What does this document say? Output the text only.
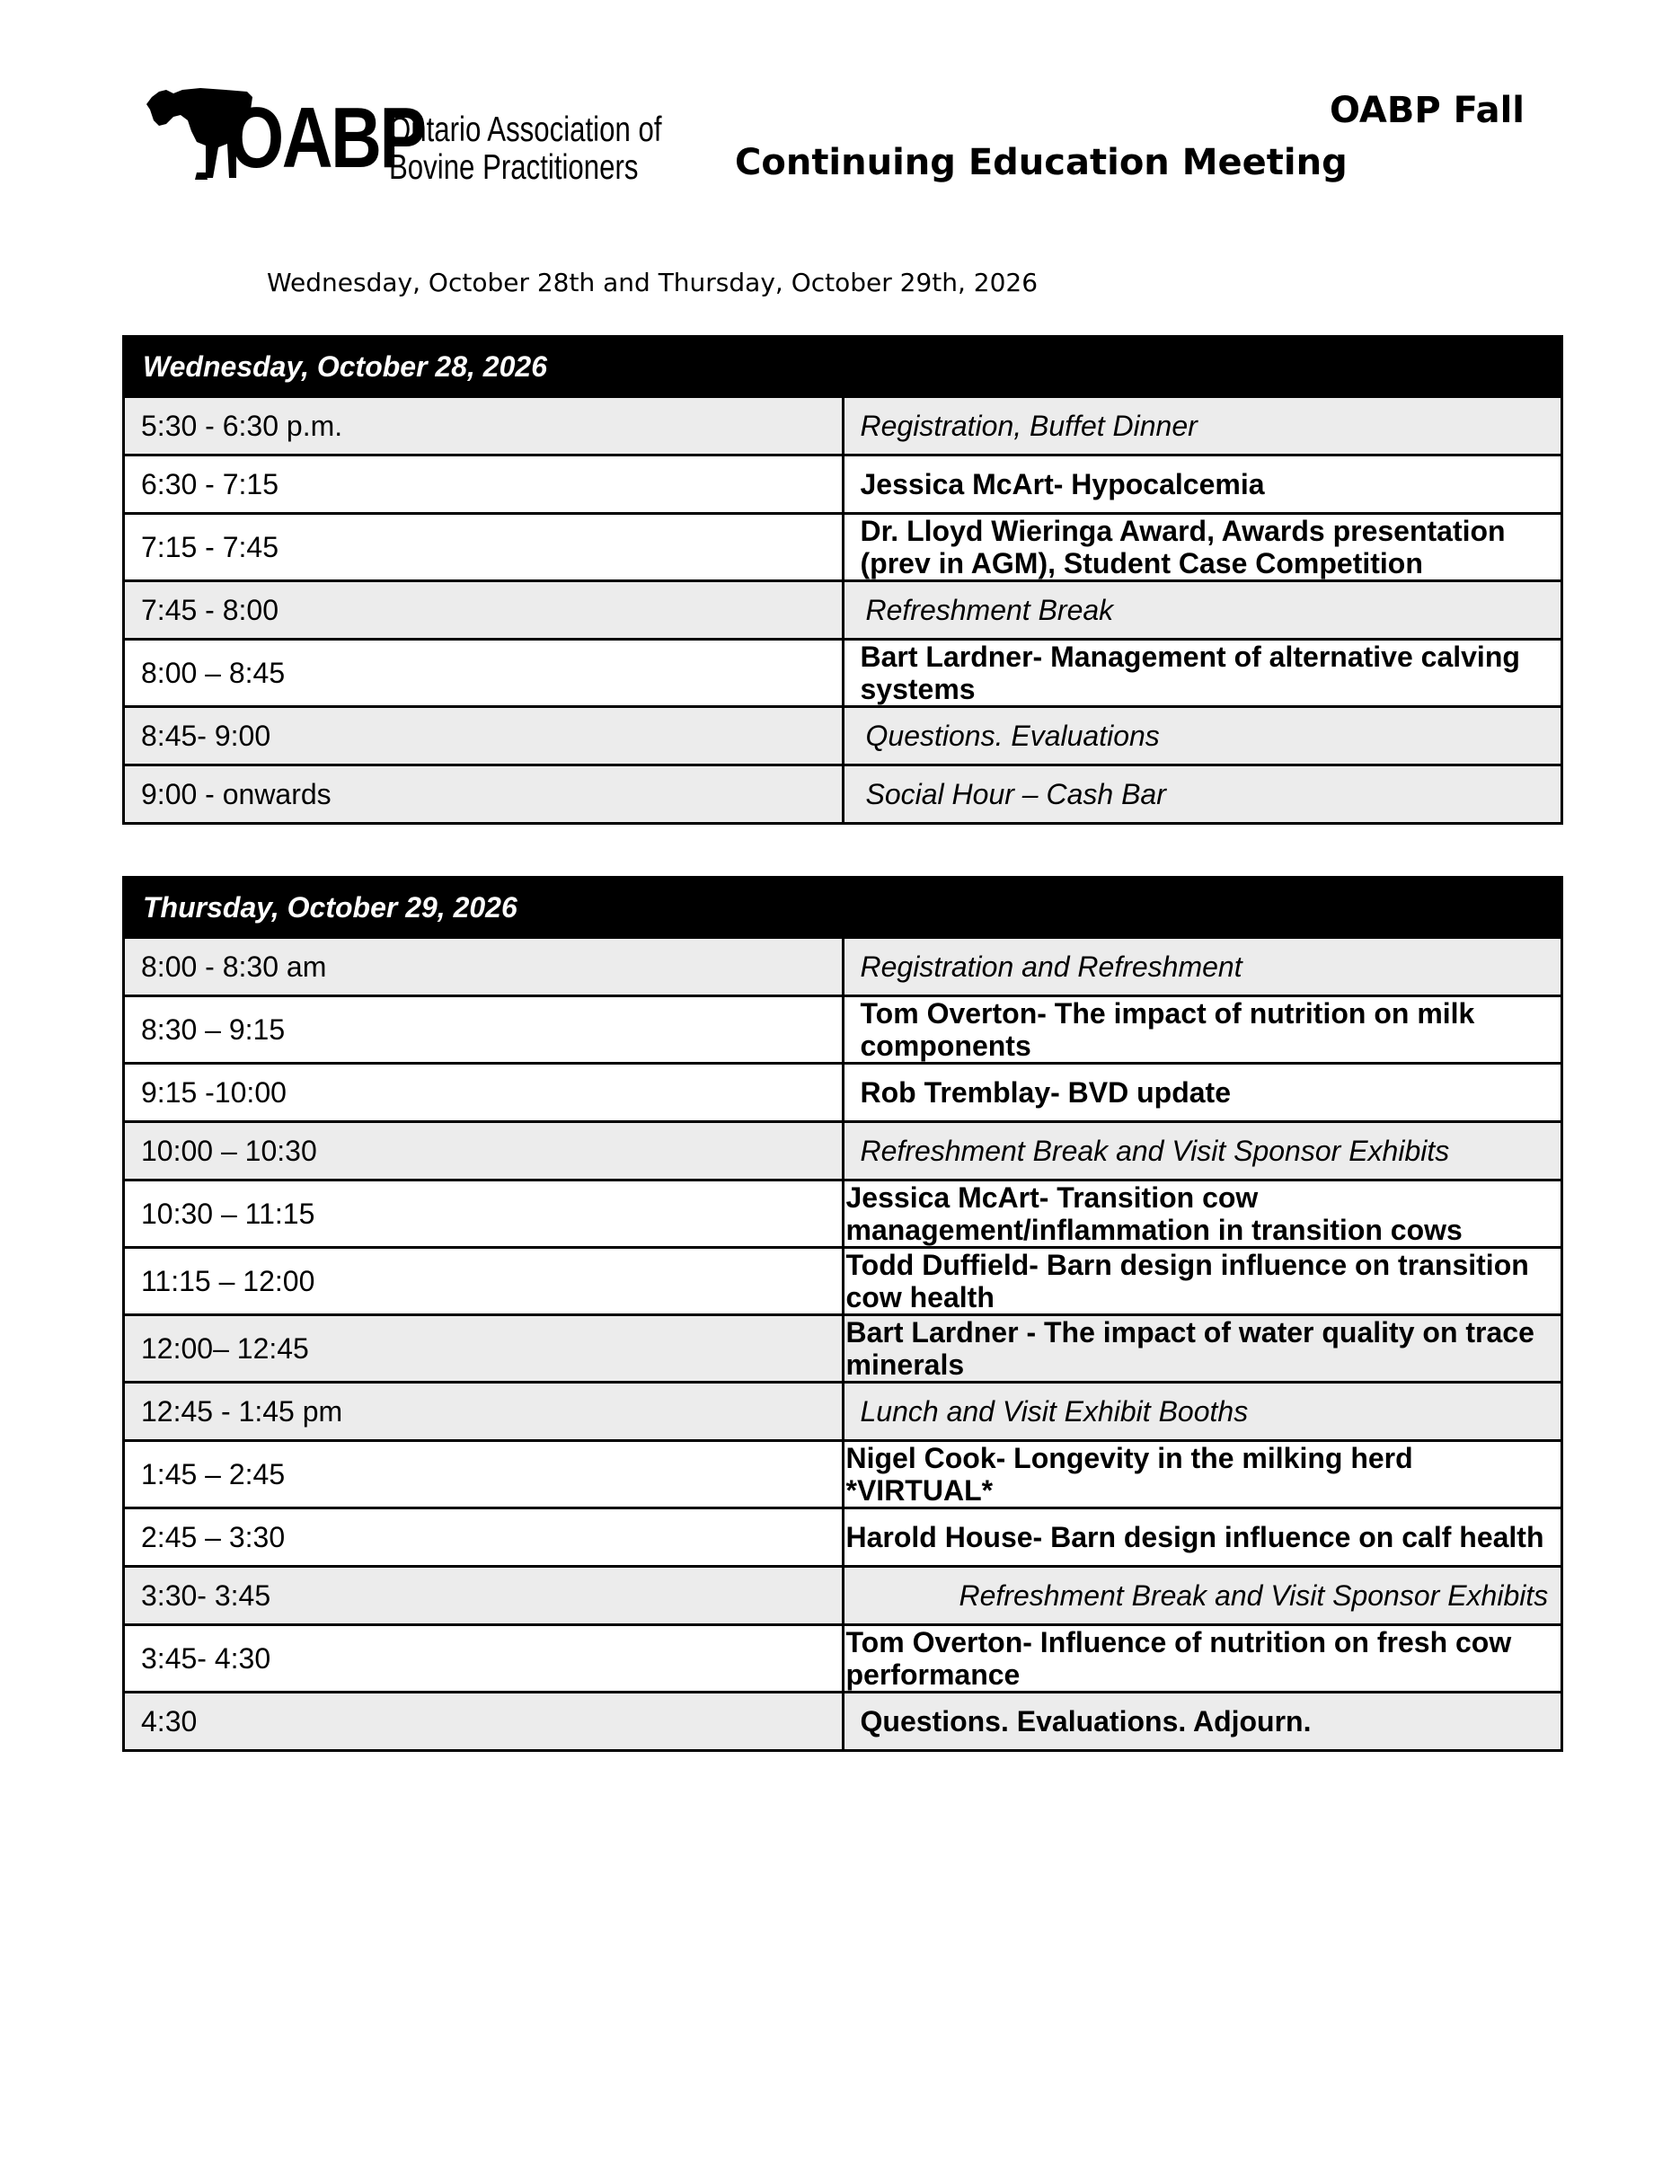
OABP
Ontario Association of
Bovine Practitioners
OABP Fall
Continuing Education Meeting
Wednesday, October 28th and Thursday, October 29th, 2026
Wednesday, October 28, 2026	
5:30 - 6:30 p.m.	Registration, Buffet Dinner
6:30 - 7:15	Jessica McArt- Hypocalcemia
7:15 - 7:45	Dr. Lloyd Wieringa Award, Awards presentation (prev in AGM), Student Case Competition
7:45 - 8:00	Refreshment Break
8:00 – 8:45	Bart Lardner- Management of alternative calving systems
8:45- 9:00	Questions. Evaluations
9:00 - onwards	Social Hour – Cash Bar
Thursday, October 29, 2026	
8:00 - 8:30 am	Registration and Refreshment
8:30 – 9:15	Tom Overton- The impact of nutrition on milk components
9:15 -10:00	Rob Tremblay- BVD update
10:00 – 10:30	Refreshment Break and Visit Sponsor Exhibits
10:30 – 11:15	Jessica McArt- Transition cow management/inflammation in transition cows
11:15 – 12:00	Todd Duffield- Barn design influence on transition cow health
12:00– 12:45	Bart Lardner - The impact of water quality on trace minerals
12:45 - 1:45 pm	Lunch and Visit Exhibit Booths
1:45 – 2:45	Nigel Cook- Longevity in the milking herd *VIRTUAL*
2:45 – 3:30	Harold House- Barn design influence on calf health
3:30- 3:45	Refreshment Break and Visit Sponsor Exhibits
3:45- 4:30	Tom Overton- Influence of nutrition on fresh cow performance
4:30	Questions. Evaluations. Adjourn.
